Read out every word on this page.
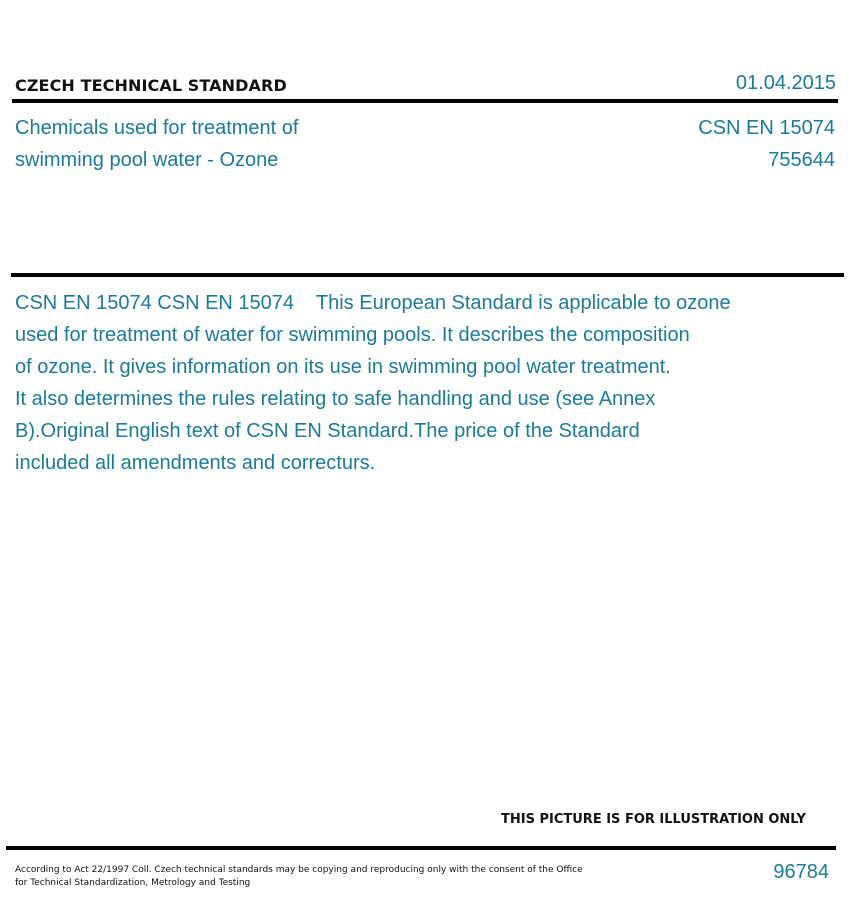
CZECH TECHNICAL STANDARD	01.04.2015
Chemicals used for treatment of
swimming pool water - Ozone
CSN EN 15074
755644
CSN EN 15074 CSN EN 15074    This European Standard is applicable to ozone
used for treatment of water for swimming pools. It describes the composition
of ozone. It gives information on its use in swimming pool water treatment.
It also determines the rules relating to safe handling and use (see Annex
B).Original English text of CSN EN Standard.The price of the Standard
included all amendments and correcturs.
THIS PICTURE IS FOR ILLUSTRATION ONLY
According to Act 22/1997 Coll. Czech technical standards may be copying and reproducing only with the consent of the Office
for Technical Standardization, Metrology and Testing	96784
